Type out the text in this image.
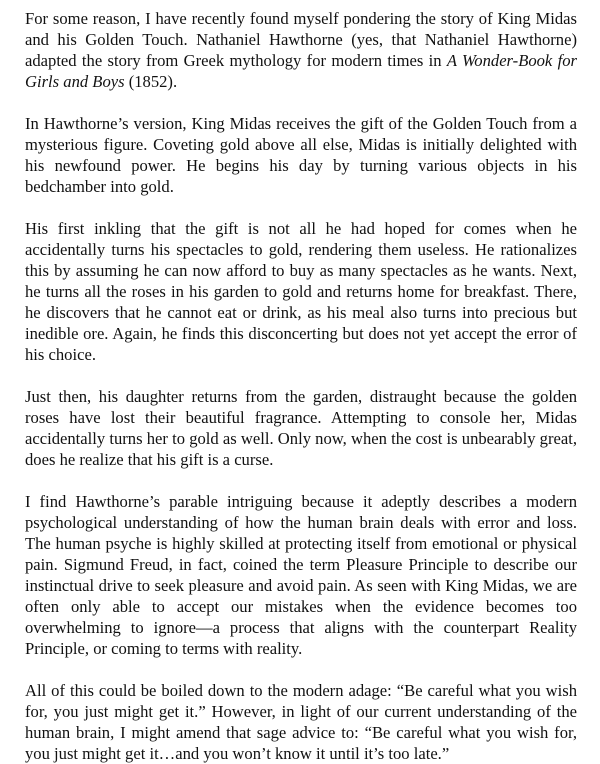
For some reason, I have recently found myself pondering the story of King Midas and his Golden Touch. Nathaniel Hawthorne (yes, that Nathaniel Hawthorne) adapted the story from Greek mythology for modern times in A Wonder-Book for Girls and Boys (1852).

In Hawthorne’s version, King Midas receives the gift of the Golden Touch from a mysterious figure. Coveting gold above all else, Midas is initially delighted with his newfound power. He begins his day by turning various objects in his bedchamber into gold.

His first inkling that the gift is not all he had hoped for comes when he accidentally turns his spectacles to gold, rendering them useless. He rationalizes this by assuming he can now afford to buy as many spectacles as he wants. Next, he turns all the roses in his garden to gold and returns home for breakfast. There, he discovers that he cannot eat or drink, as his meal also turns into precious but inedible ore. Again, he finds this disconcerting but does not yet accept the error of his choice.

Just then, his daughter returns from the garden, distraught because the golden roses have lost their beautiful fragrance. Attempting to console her, Midas accidentally turns her to gold as well. Only now, when the cost is unbearably great, does he realize that his gift is a curse.

I find Hawthorne’s parable intriguing because it adeptly describes a modern psychological understanding of how the human brain deals with error and loss. The human psyche is highly skilled at protecting itself from emotional or physical pain. Sigmund Freud, in fact, coined the term Pleasure Principle to describe our instinctual drive to seek pleasure and avoid pain. As seen with King Midas, we are often only able to accept our mistakes when the evidence becomes too overwhelming to ignore—a process that aligns with the counterpart Reality Principle, or coming to terms with reality.

All of this could be boiled down to the modern adage: “Be careful what you wish for, you just might get it.” However, in light of our current understanding of the human brain, I might amend that sage advice to: “Be careful what you wish for, you just might get it…and you won’t know it until it’s too late.”
